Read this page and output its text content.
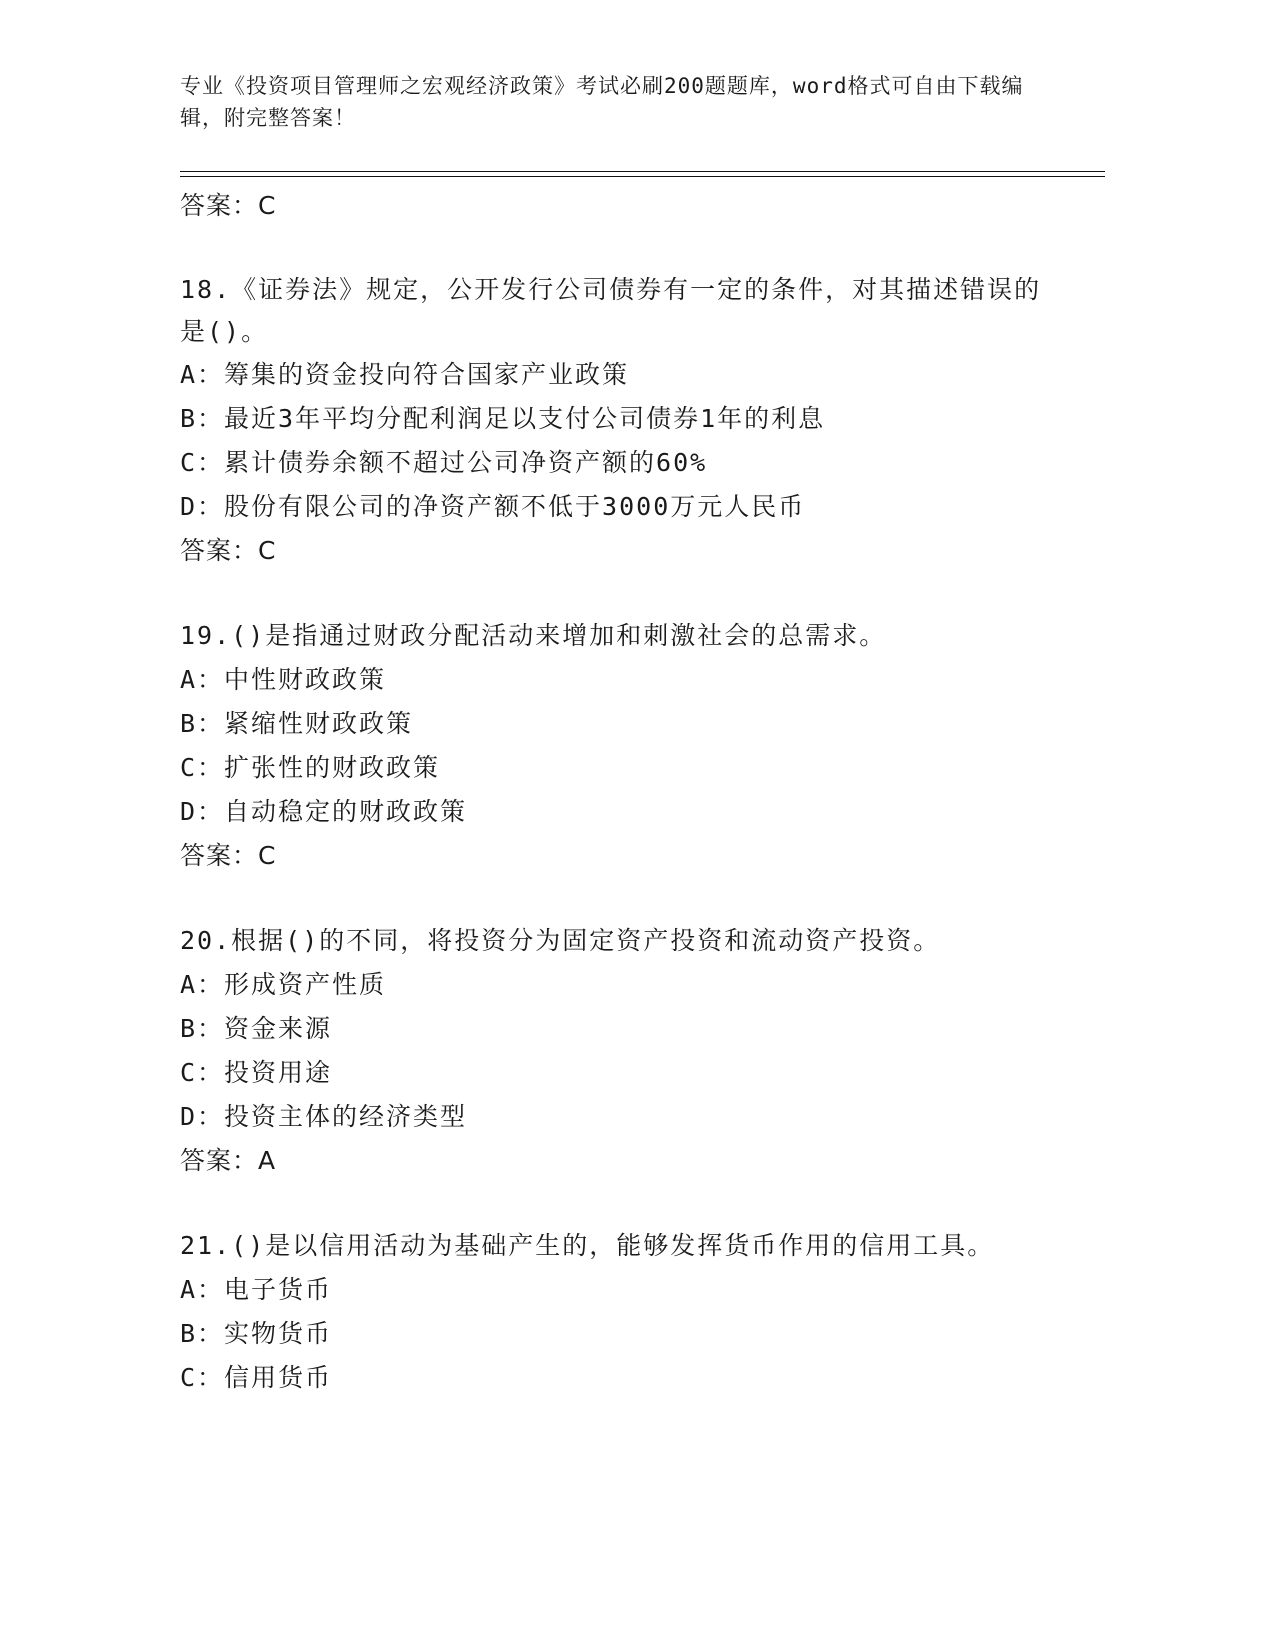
专业《投资项目管理师之宏观经济政策》考试必刷200题题库，word格式可自由下载编辑，附完整答案！
答案：C
18.《证券法》规定，公开发行公司债券有一定的条件，对其描述错误的是()。
A：筹集的资金投向符合国家产业政策
B：最近3年平均分配利润足以支付公司债券1年的利息
C：累计债券余额不超过公司净资产额的60%
D：股份有限公司的净资产额不低于3000万元人民币
答案：C
19.()是指通过财政分配活动来增加和刺激社会的总需求。
A：中性财政政策
B：紧缩性财政政策
C：扩张性的财政政策
D：自动稳定的财政政策
答案：C
20.根据()的不同，将投资分为固定资产投资和流动资产投资。
A：形成资产性质
B：资金来源
C：投资用途
D：投资主体的经济类型
答案：A
21.()是以信用活动为基础产生的，能够发挥货币作用的信用工具。
A：电子货币
B：实物货币
C：信用货币
